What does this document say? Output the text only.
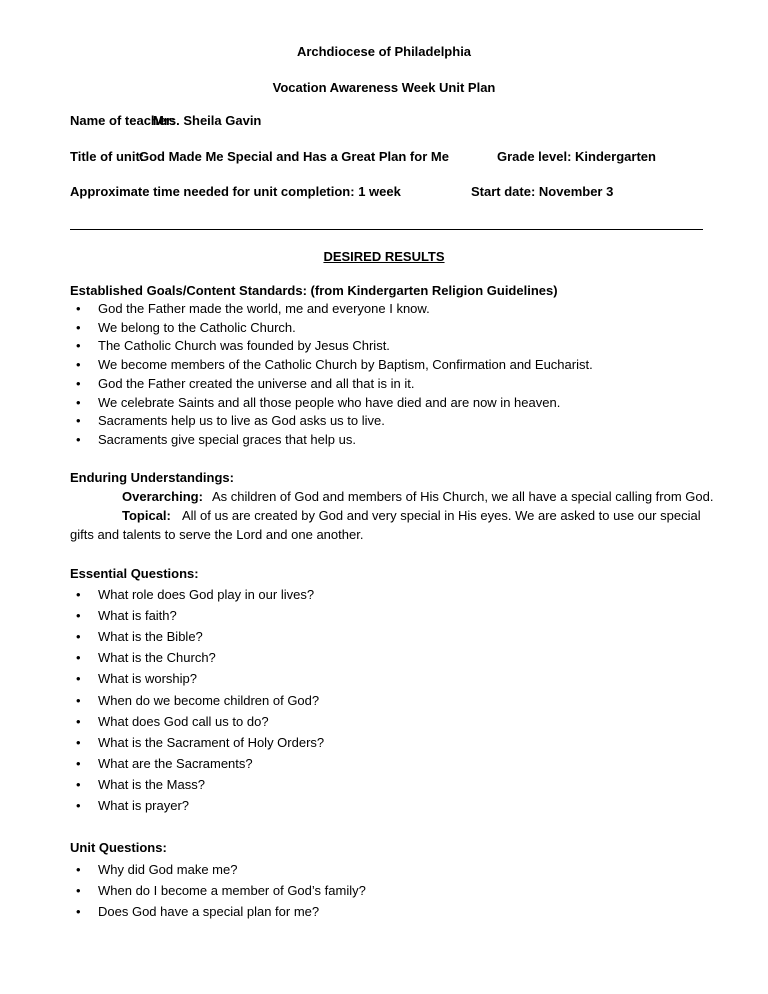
Archdiocese of Philadelphia
Vocation Awareness Week Unit Plan
Name of teacher:
Mrs. Sheila Gavin
Title of unit:
God Made Me Special and Has a Great Plan for Me	Grade level: Kindergarten
Approximate time needed for unit completion: 1 week	Start date: November 3
DESIRED RESULTS
Established Goals/Content Standards: (from Kindergarten Religion Guidelines)
• God the Father made the world, me and everyone I know.
• We belong to the Catholic Church.
• The Catholic Church was founded by Jesus Christ.
• We become members of the Catholic Church by Baptism, Confirmation and Eucharist.
• God the Father created the universe and all that is in it.
• We celebrate Saints and all those people who have died and are now in heaven.
• Sacraments help us to live as God asks us to live.
• Sacraments give special graces that help us.
Enduring Understandings:
Overarching: As children of God and members of His Church, we all have a special calling from God.
Topical: All of us are created by God and very special in His eyes. We are asked to use our special
gifts and talents to serve the Lord and one another.
Essential Questions:
• What role does God play in our lives?
• What is faith?
• What is the Bible?
• What is the Church?
• What is worship?
• When do we become children of God?
• What does God call us to do?
• What is the Sacrament of Holy Orders?
• What are the Sacraments?
• What is the Mass?
• What is prayer?
Unit Questions:
• Why did God make me?
• When do I become a member of God’s family?
• Does God have a special plan for me?
